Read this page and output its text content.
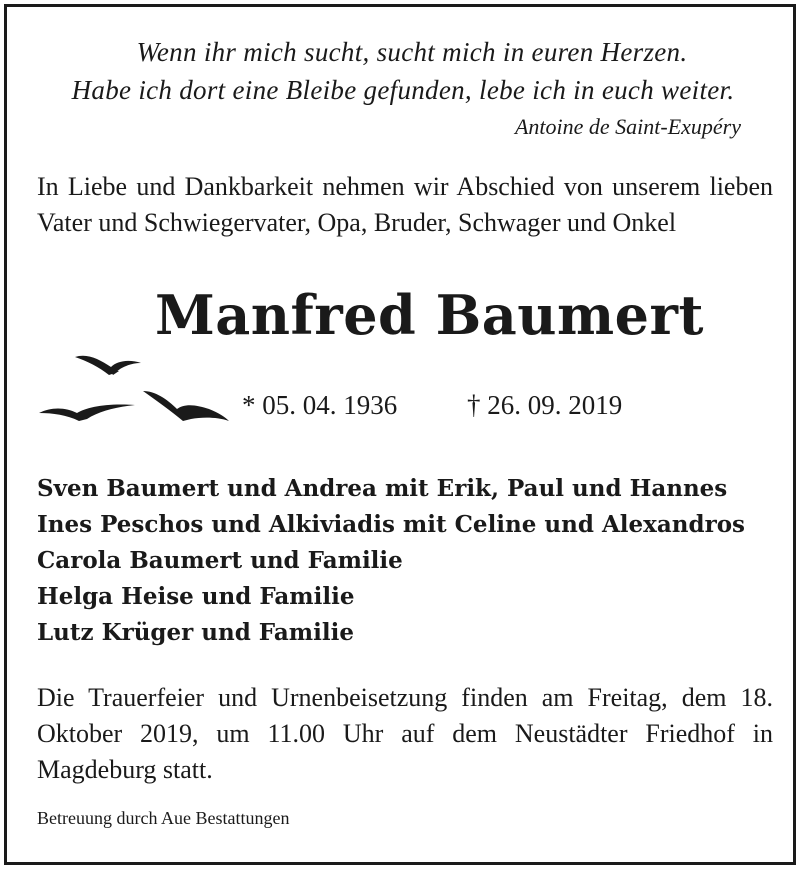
Wenn ihr mich sucht, sucht mich in euren Herzen.
Habe ich dort eine Bleibe gefunden, lebe ich in euch weiter.
Antoine de Saint-Exupéry
In Liebe und Dankbarkeit nehmen wir Abschied von unserem lieben Vater und Schwiegervater, Opa, Bruder, Schwager und Onkel
Manfred Baumert
* 05. 04. 1936	† 26. 09. 2019
Sven Baumert und Andrea mit Erik, Paul und Hannes
Ines Peschos und Alkiviadis mit Celine und Alexandros
Carola Baumert und Familie
Helga Heise und Familie
Lutz Krüger und Familie
Die Trauerfeier und Urnenbeisetzung finden am Freitag, dem 18. Oktober 2019, um 11.00 Uhr auf dem Neustädter Friedhof in Magdeburg statt.
Betreuung durch Aue Bestattungen
